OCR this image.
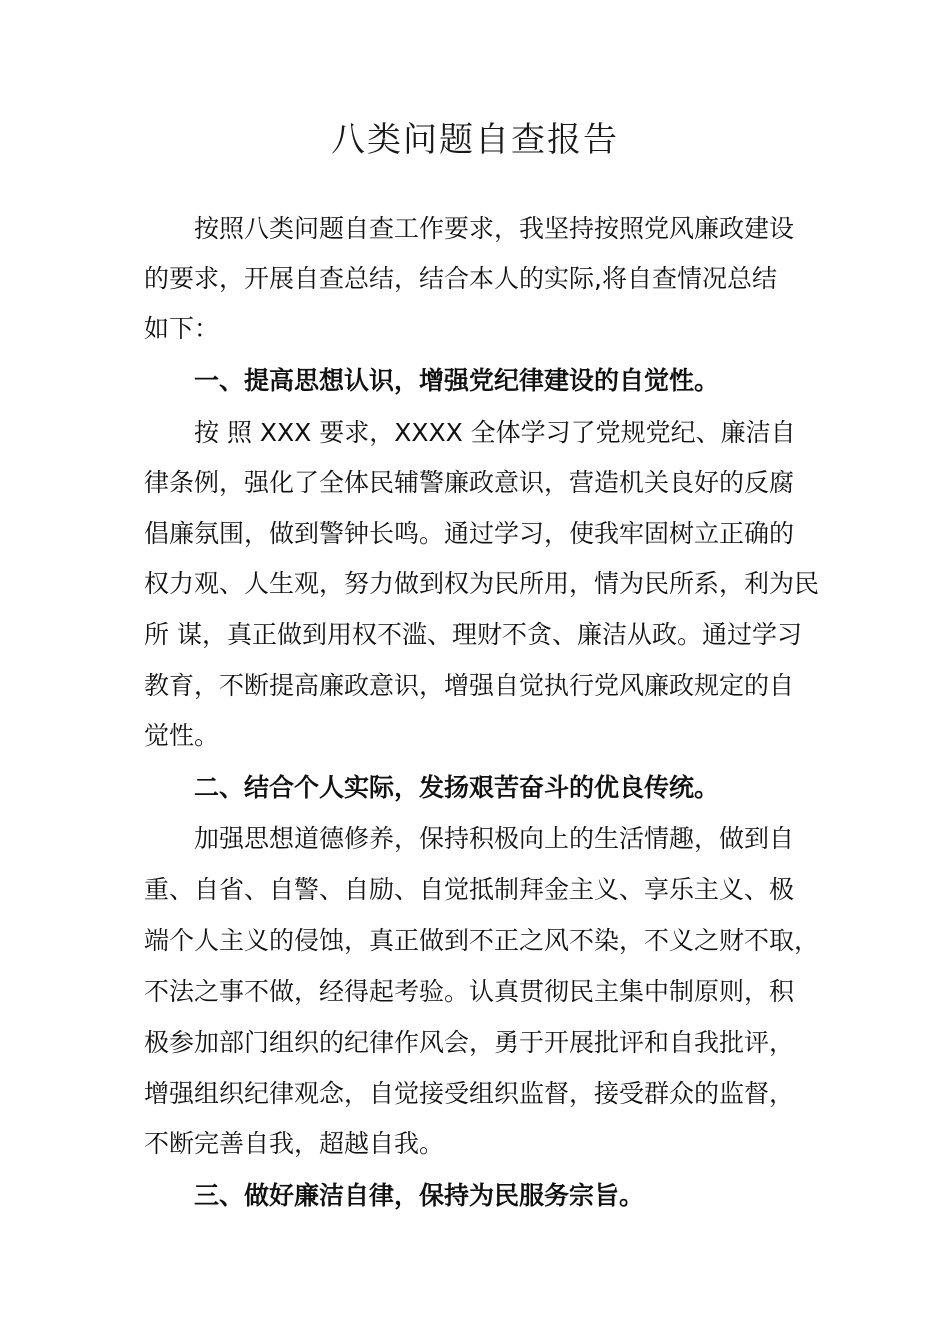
八类问题自查报告
按照八类问题自查工作要求，我坚持按照党风廉政建设
的要求，开展自查总结，结合本人的实际,将自查情况总结
如下：
一、提高思想认识，增强党纪律建设的自觉性。
按 照 XXX 要求，XXXX 全体学习了党规党纪、廉洁自
律条例，强化了全体民辅警廉政意识，营造机关良好的反腐
倡廉氛围，做到警钟长鸣。通过学习，使我牢固树立正确的
权力观、人生观，努力做到权为民所用，情为民所系，利为民
所 谋，真正做到用权不滥、理财不贪、廉洁从政。通过学习
教育，不断提高廉政意识，增强自觉执行党风廉政规定的自
觉性。
二、结合个人实际，发扬艰苦奋斗的优良传统。
加强思想道德修养，保持积极向上的生活情趣，做到自
重、自省、自警、自励、自觉抵制拜金主义、享乐主义、极
端个人主义的侵蚀，真正做到不正之风不染，不义之财不取，
不法之事不做，经得起考验。认真贯彻民主集中制原则，积
极参加部门组织的纪律作风会，勇于开展批评和自我批评，
增强组织纪律观念，自觉接受组织监督，接受群众的监督，
不断完善自我，超越自我。
三、做好廉洁自律，保持为民服务宗旨。
